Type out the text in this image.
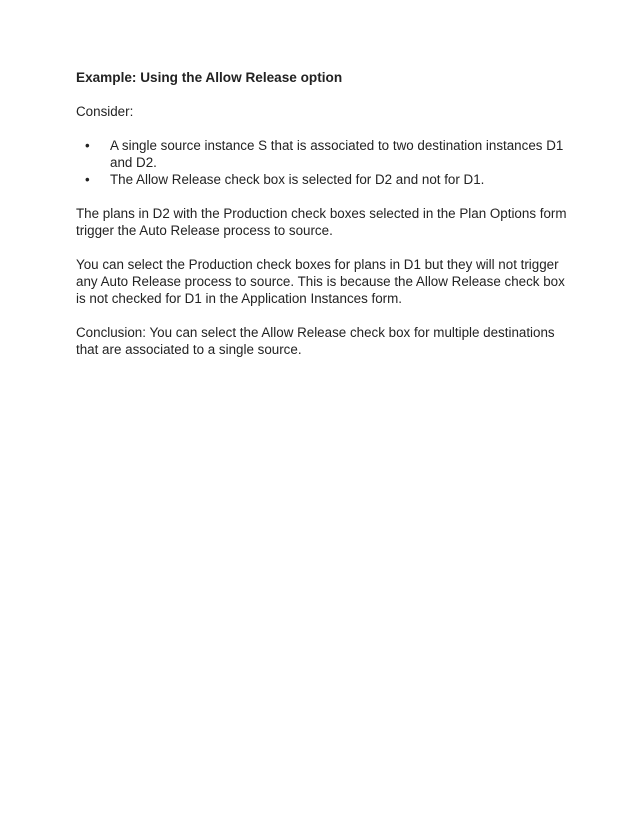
Example: Using the Allow Release option

Consider:

• A single source instance S that is associated to two destination instances D1 and D2.
• The Allow Release check box is selected for D2 and not for D1.

The plans in D2 with the Production check boxes selected in the Plan Options form trigger the Auto Release process to source.

You can select the Production check boxes for plans in D1 but they will not trigger any Auto Release process to source. This is because the Allow Release check box is not checked for D1 in the Application Instances form.

Conclusion: You can select the Allow Release check box for multiple destinations that are associated to a single source.
